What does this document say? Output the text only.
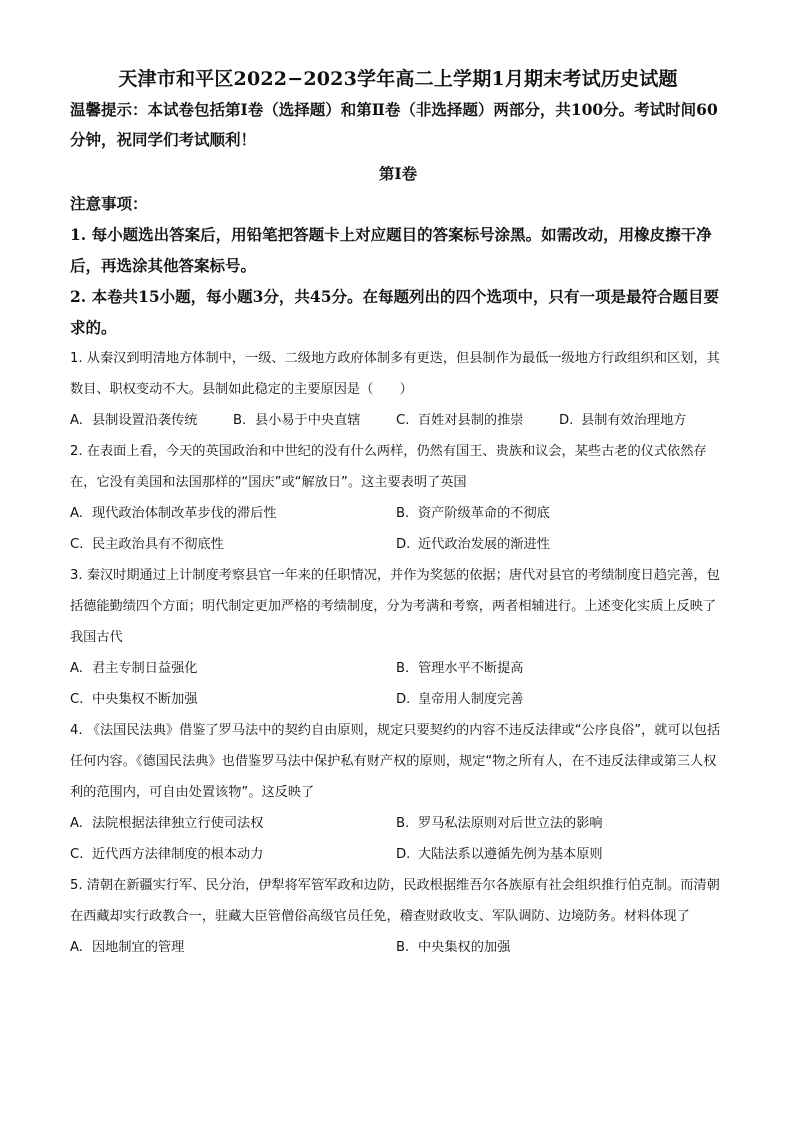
天津市和平区2022−2023学年高二上学期1月期末考试历史试题
温馨提示：本试卷包括第Ⅰ卷（选择题）和第Ⅱ卷（非选择题）两部分，共100分。考试时间60分钟，祝同学们考试顺利！
第Ⅰ卷
注意事项：
1. 每小题选出答案后，用铅笔把答题卡上对应题目的答案标号涂黑。如需改动，用橡皮擦干净后，再选涂其他答案标号。
2. 本卷共15小题，每小题3分，共45分。在每题列出的四个选项中，只有一项是最符合题目要求的。
1. 从秦汉到明清地方体制中，一级、二级地方政府体制多有更迭，但县制作为最低一级地方行政组织和区划，其数目、职权变动不大。县制如此稳定的主要原因是（　　）
A. 县制设置沿袭传统	B. 县小易于中央直辖	C. 百姓对县制的推崇	D. 县制有效治理地方
2. 在表面上看，今天的英国政治和中世纪的没有什么两样，仍然有国王、贵族和议会，某些古老的仪式依然存在，它没有美国和法国那样的“国庆”或“解放日”。这主要表明了英国
A. 现代政治体制改革步伐的滞后性	B. 资产阶级革命的不彻底
C. 民主政治具有不彻底性	D. 近代政治发展的渐进性
3. 秦汉时期通过上计制度考察县官一年来的任职情况，并作为奖惩的依据；唐代对县官的考绩制度日趋完善，包括德能勤绩四个方面；明代制定更加严格的考绩制度，分为考满和考察，两者相辅进行。上述变化实质上反映了我国古代
A. 君主专制日益强化	B. 管理水平不断提高
C. 中央集权不断加强	D. 皇帝用人制度完善
4. 《法国民法典》借鉴了罗马法中的契约自由原则，规定只要契约的内容不违反法律或“公序良俗”，就可以包括任何内容。《德国民法典》也借鉴罗马法中保护私有财产权的原则，规定“物之所有人，在不违反法律或第三人权利的范围内，可自由处置该物”。这反映了
A. 法院根据法律独立行使司法权	B. 罗马私法原则对后世立法的影响
C. 近代西方法律制度的根本动力	D. 大陆法系以遵循先例为基本原则
5. 清朝在新疆实行军、民分治，伊犁将军管军政和边防，民政根据维吾尔各族原有社会组织推行伯克制。而清朝在西藏却实行政教合一，驻藏大臣管僧俗高级官员任免，稽查财政收支、军队调防、边境防务。材料体现了
A. 因地制宜的管理	B. 中央集权的加强
